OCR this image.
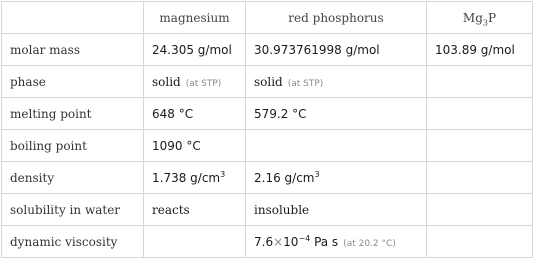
	magnesium	red phosphorus	$Mg_3P$
molar mass	24.305 g/mol	30.973761998 g/mol	103.89 g/mol
phase	solid (at STP)	solid (at STP)	
melting point	648 °C	579.2 °C	
boiling point	1090 °C		
density	1.738 $g/cm^3$	2.16 $g/cm^3$	
solubility in water	reacts	insoluble	
dynamic viscosity		$7.6\times 10^{-4}$ Pa s (at 20.2 °C)	
